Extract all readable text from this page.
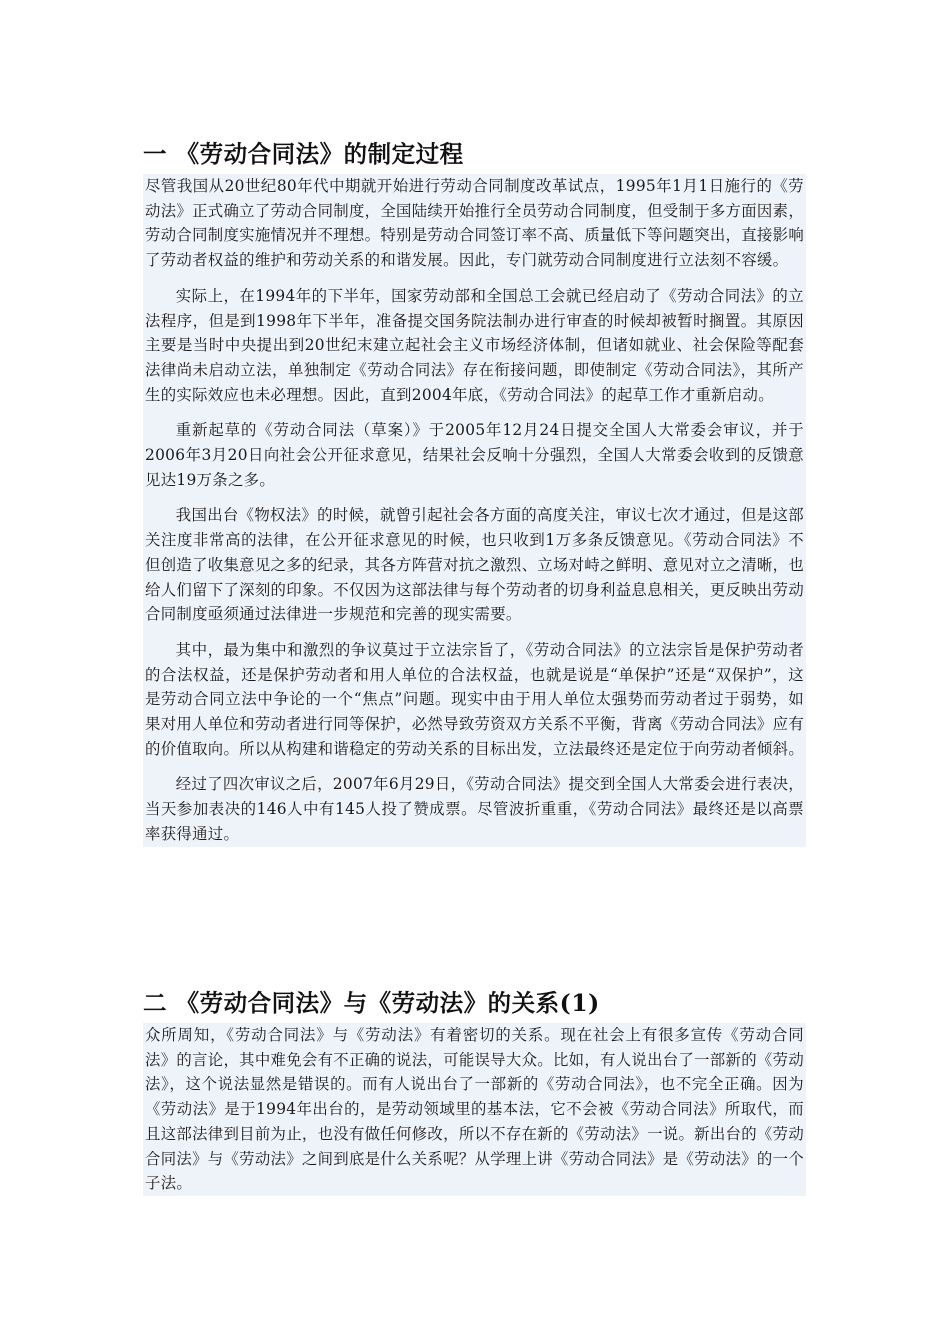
一 《劳动合同法》的制定过程

尽管我国从20世纪80年代中期就开始进行劳动合同制度改革试点，1995年1月1日施行的《劳动法》正式确立了劳动合同制度，全国陆续开始推行全员劳动合同制度，但受制于多方面因素，劳动合同制度实施情况并不理想。特别是劳动合同签订率不高、质量低下等问题突出，直接影响了劳动者权益的维护和劳动关系的和谐发展。因此，专门就劳动合同制度进行立法刻不容缓。

实际上，在1994年的下半年，国家劳动部和全国总工会就已经启动了《劳动合同法》的立法程序，但是到1998年下半年，准备提交国务院法制办进行审查的时候却被暂时搁置。其原因主要是当时中央提出到20世纪末建立起社会主义市场经济体制，但诸如就业、社会保险等配套法律尚未启动立法，单独制定《劳动合同法》存在衔接问题，即使制定《劳动合同法》，其所产生的实际效应也未必理想。因此，直到2004年底，《劳动合同法》的起草工作才重新启动。

重新起草的《劳动合同法（草案）》于2005年12月24日提交全国人大常委会审议，并于2006年3月20日向社会公开征求意见，结果社会反响十分强烈，全国人大常委会收到的反馈意见达19万条之多。

我国出台《物权法》的时候，就曾引起社会各方面的高度关注，审议七次才通过，但是这部关注度非常高的法律，在公开征求意见的时候，也只收到1万多条反馈意见。《劳动合同法》不但创造了收集意见之多的纪录，其各方阵营对抗之激烈、立场对峙之鲜明、意见对立之清晰，也给人们留下了深刻的印象。不仅因为这部法律与每个劳动者的切身利益息息相关，更反映出劳动合同制度亟须通过法律进一步规范和完善的现实需要。

其中，最为集中和激烈的争议莫过于立法宗旨了，《劳动合同法》的立法宗旨是保护劳动者的合法权益，还是保护劳动者和用人单位的合法权益，也就是说是“单保护”还是“双保护”，这是劳动合同立法中争论的一个“焦点”问题。现实中由于用人单位太强势而劳动者过于弱势，如果对用人单位和劳动者进行同等保护，必然导致劳资双方关系不平衡，背离《劳动合同法》应有的价值取向。所以从构建和谐稳定的劳动关系的目标出发，立法最终还是定位于向劳动者倾斜。

经过了四次审议之后，2007年6月29日，《劳动合同法》提交到全国人大常委会进行表决，当天参加表决的146人中有145人投了赞成票。尽管波折重重，《劳动合同法》最终还是以高票率获得通过。

二 《劳动合同法》与《劳动法》的关系(1)

众所周知，《劳动合同法》与《劳动法》有着密切的关系。现在社会上有很多宣传《劳动合同法》的言论，其中难免会有不正确的说法，可能误导大众。比如，有人说出台了一部新的《劳动法》，这个说法显然是错误的。而有人说出台了一部新的《劳动合同法》，也不完全正确。因为《劳动法》是于1994年出台的，是劳动领域里的基本法，它不会被《劳动合同法》所取代，而且这部法律到目前为止，也没有做任何修改，所以不存在新的《劳动法》一说。新出台的《劳动合同法》与《劳动法》之间到底是什么关系呢？从学理上讲《劳动合同法》是《劳动法》的一个子法。
